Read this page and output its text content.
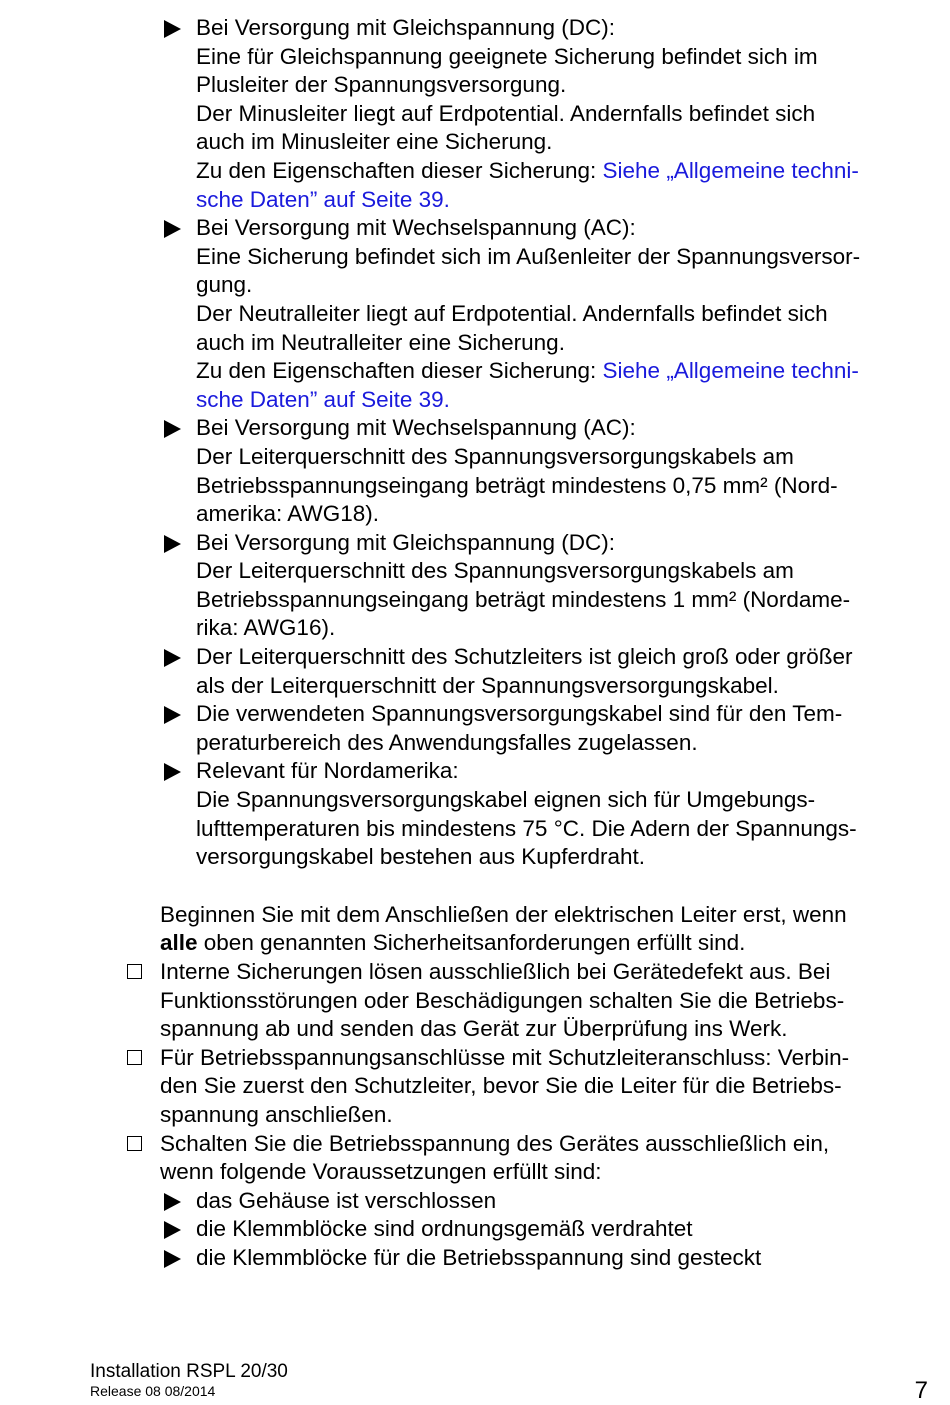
Bei Versorgung mit Gleichspannung (DC):
Eine für Gleichspannung geeignete Sicherung befindet sich im
Plusleiter der Spannungsversorgung.
Der Minusleiter liegt auf Erdpotential. Andernfalls befindet sich
auch im Minusleiter eine Sicherung.
Zu den Eigenschaften dieser Sicherung: Siehe „Allgemeine techni-
sche Daten” auf Seite 39.
Bei Versorgung mit Wechselspannung (AC):
Eine Sicherung befindet sich im Außenleiter der Spannungsversor-
gung.
Der Neutralleiter liegt auf Erdpotential. Andernfalls befindet sich
auch im Neutralleiter eine Sicherung.
Zu den Eigenschaften dieser Sicherung: Siehe „Allgemeine techni-
sche Daten” auf Seite 39.
Bei Versorgung mit Wechselspannung (AC):
Der Leiterquerschnitt des Spannungsversorgungskabels am
Betriebsspannungseingang beträgt mindestens 0,75 mm² (Nord-
amerika: AWG18).
Bei Versorgung mit Gleichspannung (DC):
Der Leiterquerschnitt des Spannungsversorgungskabels am
Betriebsspannungseingang beträgt mindestens 1 mm² (Nordame-
rika: AWG16).
Der Leiterquerschnitt des Schutzleiters ist gleich groß oder größer
als der Leiterquerschnitt der Spannungsversorgungskabel.
Die verwendeten Spannungsversorgungskabel sind für den Tem-
peraturbereich des Anwendungsfalles zugelassen.
Relevant für Nordamerika:
Die Spannungsversorgungskabel eignen sich für Umgebungs-
lufttemperaturen bis mindestens 75 °C. Die Adern der Spannungs-
versorgungskabel bestehen aus Kupferdraht.
Beginnen Sie mit dem Anschließen der elektrischen Leiter erst, wenn
alle oben genannten Sicherheitsanforderungen erfüllt sind.
Interne Sicherungen lösen ausschließlich bei Gerätedefekt aus. Bei
Funktionsstörungen oder Beschädigungen schalten Sie die Betriebs-
spannung ab und senden das Gerät zur Überprüfung ins Werk.
Für Betriebsspannungsanschlüsse mit Schutzleiteranschluss: Verbin-
den Sie zuerst den Schutzleiter, bevor Sie die Leiter für die Betriebs-
spannung anschließen.
Schalten Sie die Betriebsspannung des Gerätes ausschließlich ein,
wenn folgende Voraussetzungen erfüllt sind:
das Gehäuse ist verschlossen
die Klemmblöcke sind ordnungsgemäß verdrahtet
die Klemmblöcke für die Betriebsspannung sind gesteckt
Installation RSPL 20/30
Release 08 08/2014	7
